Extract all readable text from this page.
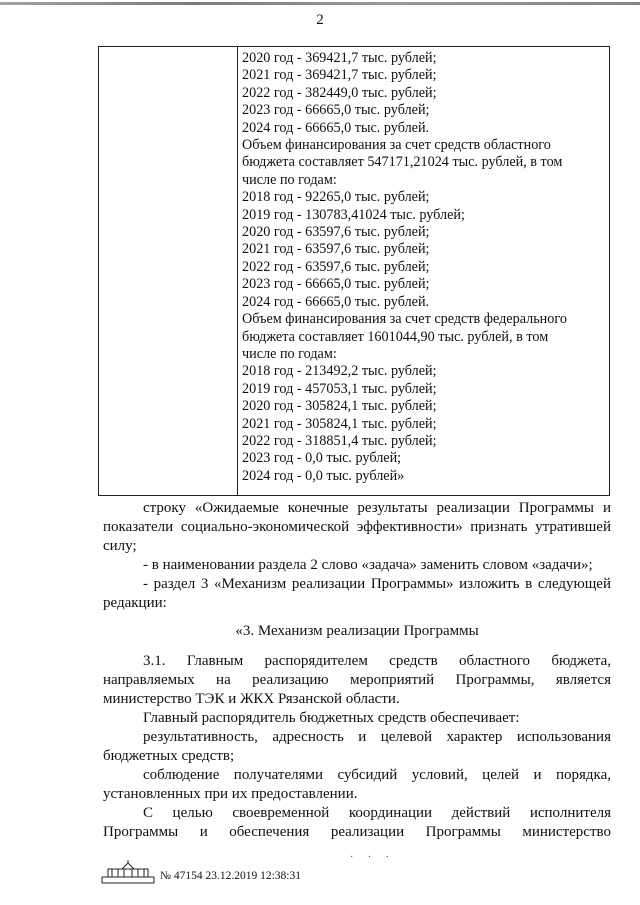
2
2020 год - 369421,7 тыс. рублей;
2021 год - 369421,7 тыс. рублей;
2022 год - 382449,0 тыс. рублей;
2023 год - 66665,0 тыс. рублей;
2024 год - 66665,0 тыс. рублей.
Объем финансирования за счет средств областного
бюджета составляет 547171,21024 тыс. рублей, в том
числе по годам:
2018 год - 92265,0 тыс. рублей;
2019 год - 130783,41024 тыс. рублей;
2020 год - 63597,6 тыс. рублей;
2021 год - 63597,6 тыс. рублей;
2022 год - 63597,6 тыс. рублей;
2023 год - 66665,0 тыс. рублей;
2024 год - 66665,0 тыс. рублей.
Объем финансирования за счет средств федерального
бюджета составляет 1601044,90 тыс. рублей, в том
числе по годам:
2018 год - 213492,2 тыс. рублей;
2019 год - 457053,1 тыс. рублей;
2020 год - 305824,1 тыс. рублей;
2021 год - 305824,1 тыс. рублей;
2022 год - 318851,4 тыс. рублей;
2023 год - 0,0 тыс. рублей;
2024 год - 0,0 тыс. рублей»
строку «Ожидаемые конечные результаты реализации Программы и
показатели социально-экономической эффективности» признать утратившей
силу;
- в наименовании раздела 2 слово «задача» заменить словом «задачи»;
- раздел 3 «Механизм реализации Программы» изложить в следующей
редакции:
«3. Механизм реализации Программы
3.1. Главным распорядителем средств областного бюджета,
направляемых на реализацию мероприятий Программы, является
министерство ТЭК и ЖКХ Рязанской области.
Главный распорядитель бюджетных средств обеспечивает:
результативность, адресность и целевой характер использования
бюджетных средств;
соблюдение получателями субсидий условий, целей и порядка,
установленных при их предоставлении.
С целью своевременной координации действий исполнителя
Программы и обеспечения реализации Программы министерство
· · ·
№ 47154 23.12.2019 12:38:31
